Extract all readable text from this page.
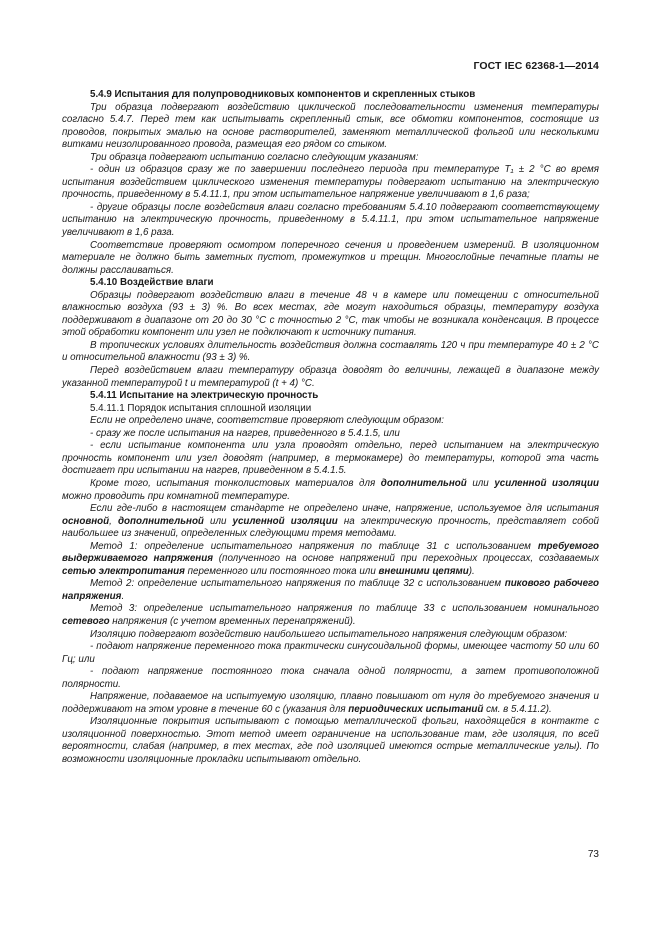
ГОСТ IEC 62368-1—2014

5.4.9 Испытания для полупроводниковых компонентов и скрепленных стыков

Три образца подвергают воздействию циклической последовательности изменения температуры согласно 5.4.7. Перед тем как испытывать скрепленный стык, все обмотки компонентов, состоящие из проводов, покрытых эмалью на основе растворителей, заменяют металлической фольгой или несколькими витками неизолированного провода, размещая его рядом со стыком.

Три образца подвергают испытанию согласно следующим указаниям:

- один из образцов сразу же по завершении последнего периода при температуре T₁ ± 2 °С во время испытания воздействием циклического изменения температуры подвергают испытанию на электрическую прочность, приведенному в 5.4.11.1, при этом испытательное напряжение увеличивают в 1,6 раза;

- другие образцы после воздействия влаги согласно требованиям 5.4.10 подвергают соответствующему испытанию на электрическую прочность, приведенному в 5.4.11.1, при этом испытательное напряжение увеличивают в 1,6 раза.

Соответствие проверяют осмотром поперечного сечения и проведением измерений. В изоляционном материале не должно быть заметных пустот, промежутков и трещин. Многослойные печатные платы не должны расслаиваться.

5.4.10 Воздействие влаги

Образцы подвергают воздействию влаги в течение 48 ч в камере или помещении с относительной влажностью воздуха (93 ± 3) %. Во всех местах, где могут находиться образцы, температуру воздуха поддерживают в диапазоне от 20 до 30 °С с точностью 2 °С, так чтобы не возникала конденсация. В процессе этой обработки компонент или узел не подключают к источнику питания.

В тропических условиях длительность воздействия должна составлять 120 ч при температуре 40 ± 2 °С и относительной влажности (93 ± 3) %.

Перед воздействием влаги температуру образца доводят до величины, лежащей в диапазоне между указанной температурой t и температурой (t + 4) °С.

5.4.11 Испытание на электрическую прочность

5.4.11.1 Порядок испытания сплошной изоляции

Если не определено иначе, соответствие проверяют следующим образом:

- сразу же после испытания на нагрев, приведенного в 5.4.1.5, или

- если испытание компонента или узла проводят отдельно, перед испытанием на электрическую прочность компонент или узел доводят (например, в термокамере) до температуры, которой эта часть достигает при испытании на нагрев, приведенном в 5.4.1.5.

Кроме того, испытания тонколистовых материалов для дополнительной или усиленной изоляции можно проводить при комнатной температуре.

Если где-либо в настоящем стандарте не определено иначе, напряжение, используемое для испытания основной, дополнительной или усиленной изоляции на электрическую прочность, представляет собой наибольшее из значений, определенных следующими тремя методами.

Метод 1: определение испытательного напряжения по таблице 31 с использованием требуемого выдерживаемого напряжения (полученного на основе напряжений при переходных процессах, создаваемых сетью электропитания переменного или постоянного тока или внешними цепями).

Метод 2: определение испытательного напряжения по таблице 32 с использованием пикового рабочего напряжения.

Метод 3: определение испытательного напряжения по таблице 33 с использованием номинального сетевого напряжения (с учетом временных перенапряжений).

Изоляцию подвергают воздействию наибольшего испытательного напряжения следующим образом:

- подают напряжение переменного тока практически синусоидальной формы, имеющее частоту 50 или 60 Гц; или

- подают напряжение постоянного тока сначала одной полярности, а затем противоположной полярности.

Напряжение, подаваемое на испытуемую изоляцию, плавно повышают от нуля до требуемого значения и поддерживают на этом уровне в течение 60 с (указания для периодических испытаний см. в 5.4.11.2).

Изоляционные покрытия испытывают с помощью металлической фольги, находящейся в контакте с изоляционной поверхностью. Этот метод имеет ограничение на использование там, где изоляция, по всей вероятности, слабая (например, в тех местах, где под изоляцией имеются острые металлические углы). По возможности изоляционные прокладки испытывают отдельно.

73
